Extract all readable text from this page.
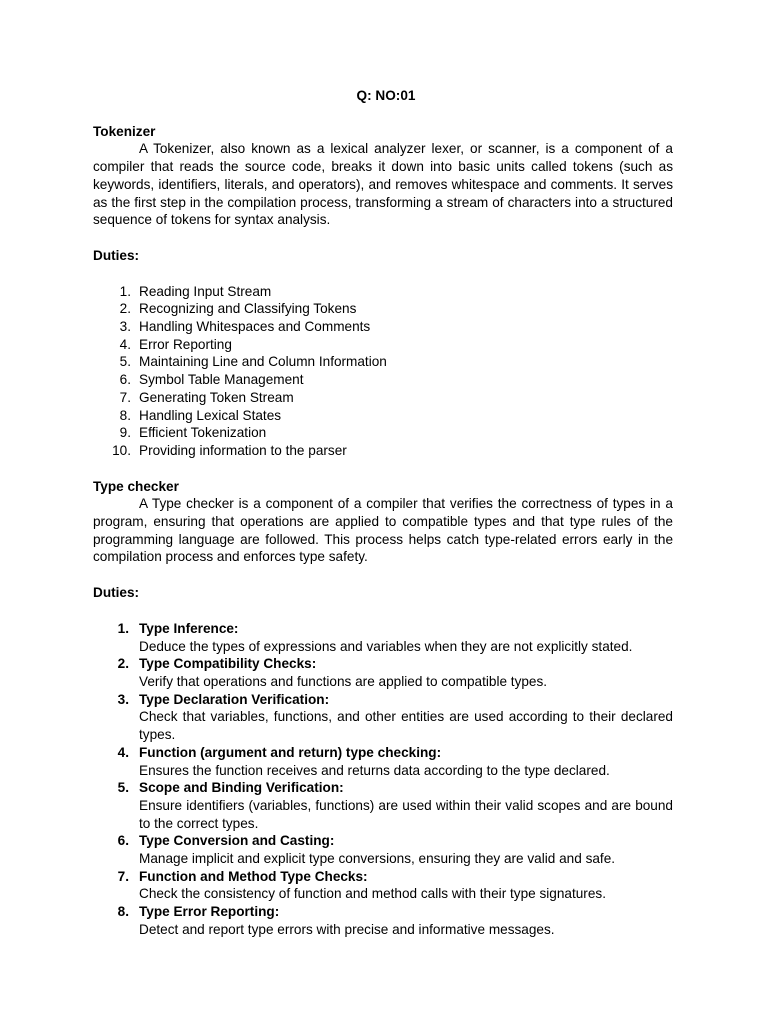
Q: NO:01

Tokenizer

A Tokenizer, also known as a lexical analyzer lexer, or scanner, is a component of a compiler that reads the source code, breaks it down into basic units called tokens (such as keywords, identifiers, literals, and operators), and removes whitespace and comments. It serves as the first step in the compilation process, transforming a stream of characters into a structured sequence of tokens for syntax analysis.

Duties:

1. Reading Input Stream
2. Recognizing and Classifying Tokens
3. Handling Whitespaces and Comments
4. Error Reporting
5. Maintaining Line and Column Information
6. Symbol Table Management
7. Generating Token Stream
8. Handling Lexical States
9. Efficient Tokenization
10. Providing information to the parser

Type checker

A Type checker is a component of a compiler that verifies the correctness of types in a program, ensuring that operations are applied to compatible types and that type rules of the programming language are followed. This process helps catch type-related errors early in the compilation process and enforces type safety.

Duties:

1. Type Inference:
Deduce the types of expressions and variables when they are not explicitly stated.
2. Type Compatibility Checks:
Verify that operations and functions are applied to compatible types.
3. Type Declaration Verification:
Check that variables, functions, and other entities are used according to their declared types.
4. Function (argument and return) type checking:
Ensures the function receives and returns data according to the type declared.
5. Scope and Binding Verification:
Ensure identifiers (variables, functions) are used within their valid scopes and are bound to the correct types.
6. Type Conversion and Casting:
Manage implicit and explicit type conversions, ensuring they are valid and safe.
7. Function and Method Type Checks:
Check the consistency of function and method calls with their type signatures.
8. Type Error Reporting:
Detect and report type errors with precise and informative messages.
